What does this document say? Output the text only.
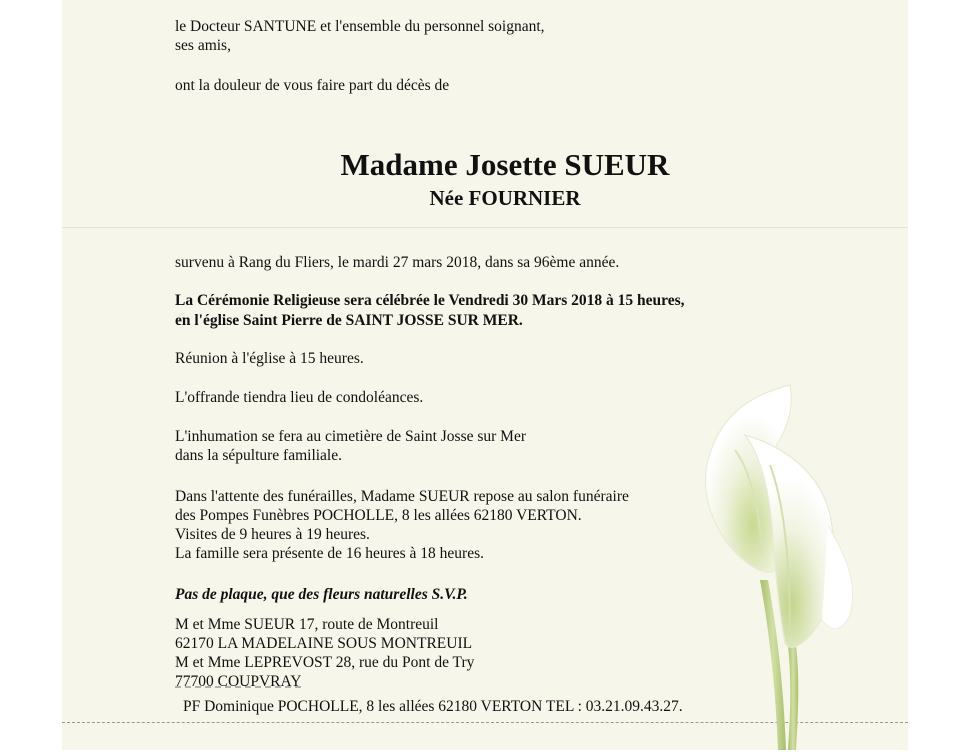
le Docteur SANTUNE et l'ensemble du personnel soignant,
ses amis,
ont la douleur de vous faire part du décès de
Madame Josette SUEUR
Née FOURNIER
survenu à Rang du Fliers, le mardi 27 mars 2018, dans sa 96ème année.
La Cérémonie Religieuse sera célébrée le Vendredi 30 Mars 2018 à 15 heures,
en l'église Saint Pierre de SAINT JOSSE SUR MER.
Réunion à l'église à 15 heures.
L'offrande tiendra lieu de condoléances.
L'inhumation se fera au cimetière de Saint Josse sur Mer
dans la sépulture familiale.
Dans l'attente des funérailles, Madame SUEUR repose au salon funéraire
des Pompes Funèbres POCHOLLE, 8 les allées 62180 VERTON.
Visites de 9 heures à 19 heures.
La famille sera présente de 16 heures à 18 heures.
Pas de plaque, que des fleurs naturelles S.V.P.
M et Mme SUEUR 17, route de Montreuil
62170 LA MADELAINE SOUS MONTREUIL
M et Mme LEPREVOST 28, rue du Pont de Try
77700 COUPVRAY
PF Dominique POCHOLLE, 8 les allées 62180 VERTON TEL : 03.21.09.43.27.
